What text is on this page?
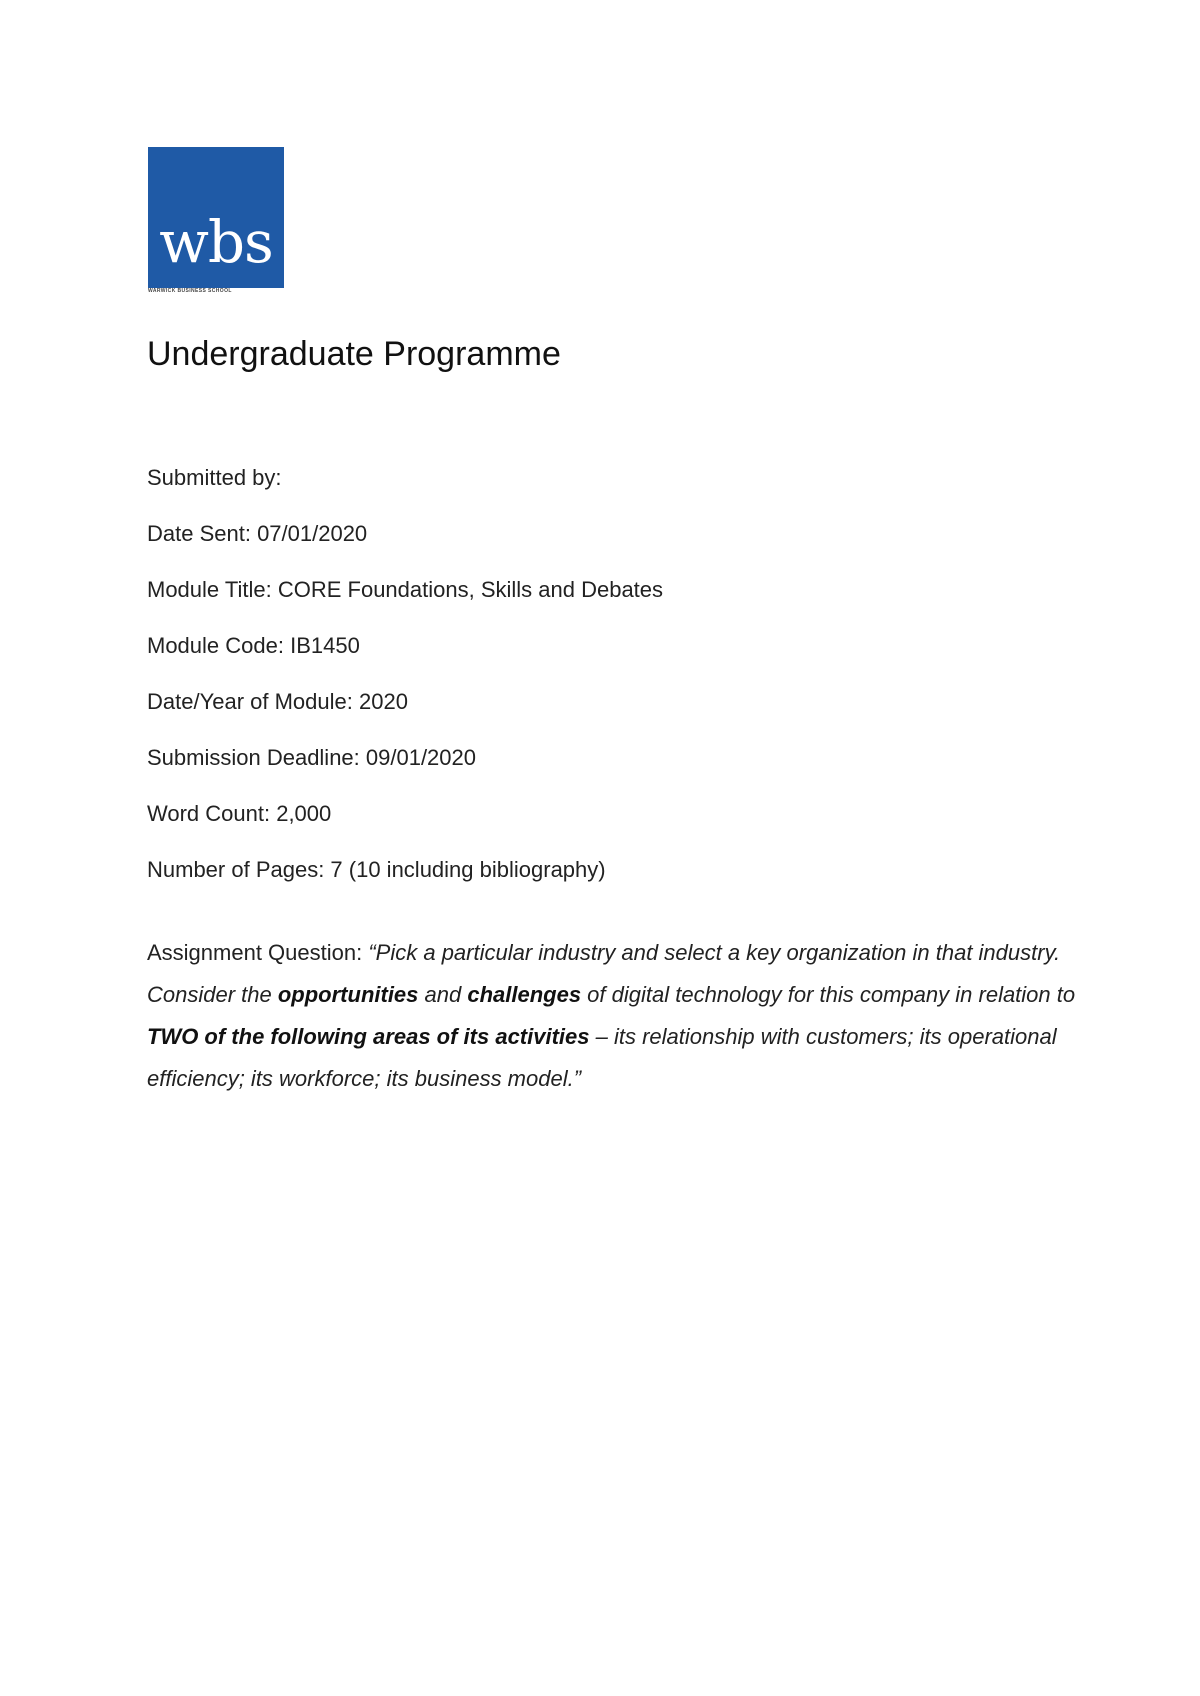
wbs
WARWICK BUSINESS SCHOOL
Undergraduate Programme
Submitted by:
Date Sent: 07/01/2020
Module Title: CORE Foundations, Skills and Debates
Module Code: IB1450
Date/Year of Module: 2020
Submission Deadline: 09/01/2020
Word Count: 2,000
Number of Pages: 7 (10 including bibliography)

Assignment Question: “Pick a particular industry and select a key organization in that industry. Consider the opportunities and challenges of digital technology for this company in relation to TWO of the following areas of its activities – its relationship with customers; its operational efficiency; its workforce; its business model.”
